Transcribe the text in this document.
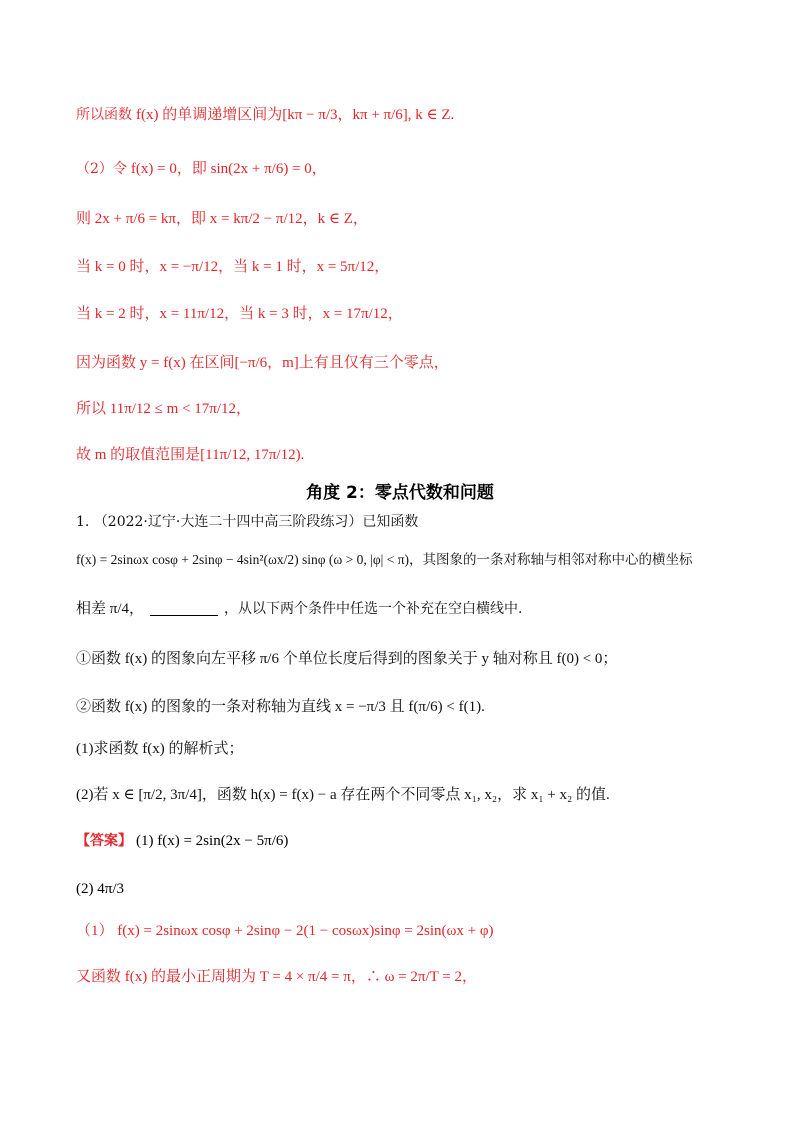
所以函数 f(x) 的单调递增区间为[kπ − π/3，kπ + π/6], k ∈ Z.
（2）令 f(x) = 0，即 sin(2x + π/6) = 0，
则 2x + π/6 = kπ，即 x = kπ/2 − π/12，k ∈ Z，
当 k = 0 时，x = −π/12，当 k = 1 时，x = 5π/12，
当 k = 2 时，x = 11π/12，当 k = 3 时，x = 17π/12，
因为函数 y = f(x) 在区间[−π/6，m]上有且仅有三个零点，
所以 11π/12 ≤ m < 17π/12，
故 m 的取值范围是[11π/12, 17π/12).
角度 2：零点代数和问题
1. （2022·辽宁·大连二十四中高三阶段练习）已知函数
f(x) = 2sinωx cosφ + 2sinφ − 4sin²(ωx/2) sinφ (ω > 0, |φ| < π)，其图象的一条对称轴与相邻对称中心的横坐标
相差 π/4，	，从以下两个条件中任选一个补充在空白横线中.
①函数 f(x) 的图象向左平移 π/6 个单位长度后得到的图象关于 y 轴对称且 f(0) < 0；
②函数 f(x) 的图象的一条对称轴为直线 x = −π/3 且 f(π/6) < f(1).
(1)求函数 f(x) 的解析式；
(2)若 x ∈ [π/2, 3π/4]，函数 h(x) = f(x) − a 存在两个不同零点 x₁, x₂，求 x₁ + x₂ 的值.
【答案】 (1) f(x) = 2sin(2x − 5π/6)
(2) 4π/3
（1） f(x) = 2sinωx cosφ + 2sinφ − 2(1 − cosωx)sinφ = 2sin(ωx + φ)
又函数 f(x) 的最小正周期为 T = 4 × π/4 = π，∴ ω = 2π/T = 2，
